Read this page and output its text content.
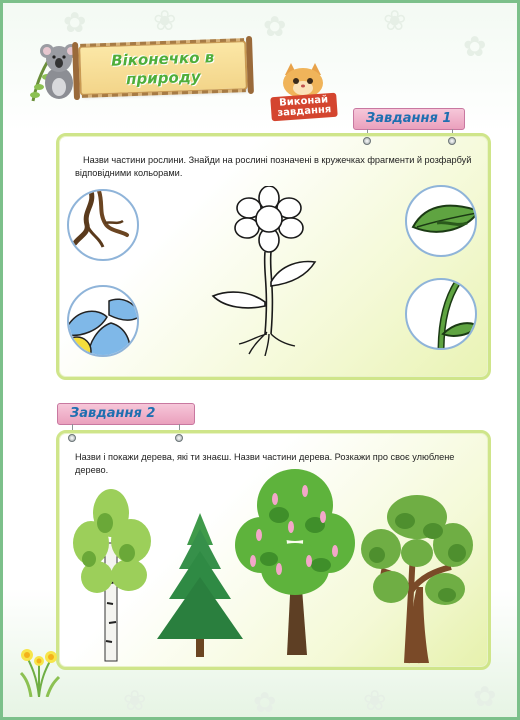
✿ ❀	✿	❀
✿
❀	✿	❀	✿
Віконечко в природу
Виконай завдання	Завдання 1
Назви частини рослини. Знайди на рослині позначені в кружечках фрагменти й розфарбуй відповідними кольорами.
Завдання 2
Назви і покажи дерева, які ти знаєш. Назви частини дерева. Розкажи про своє улюблене дерево.
